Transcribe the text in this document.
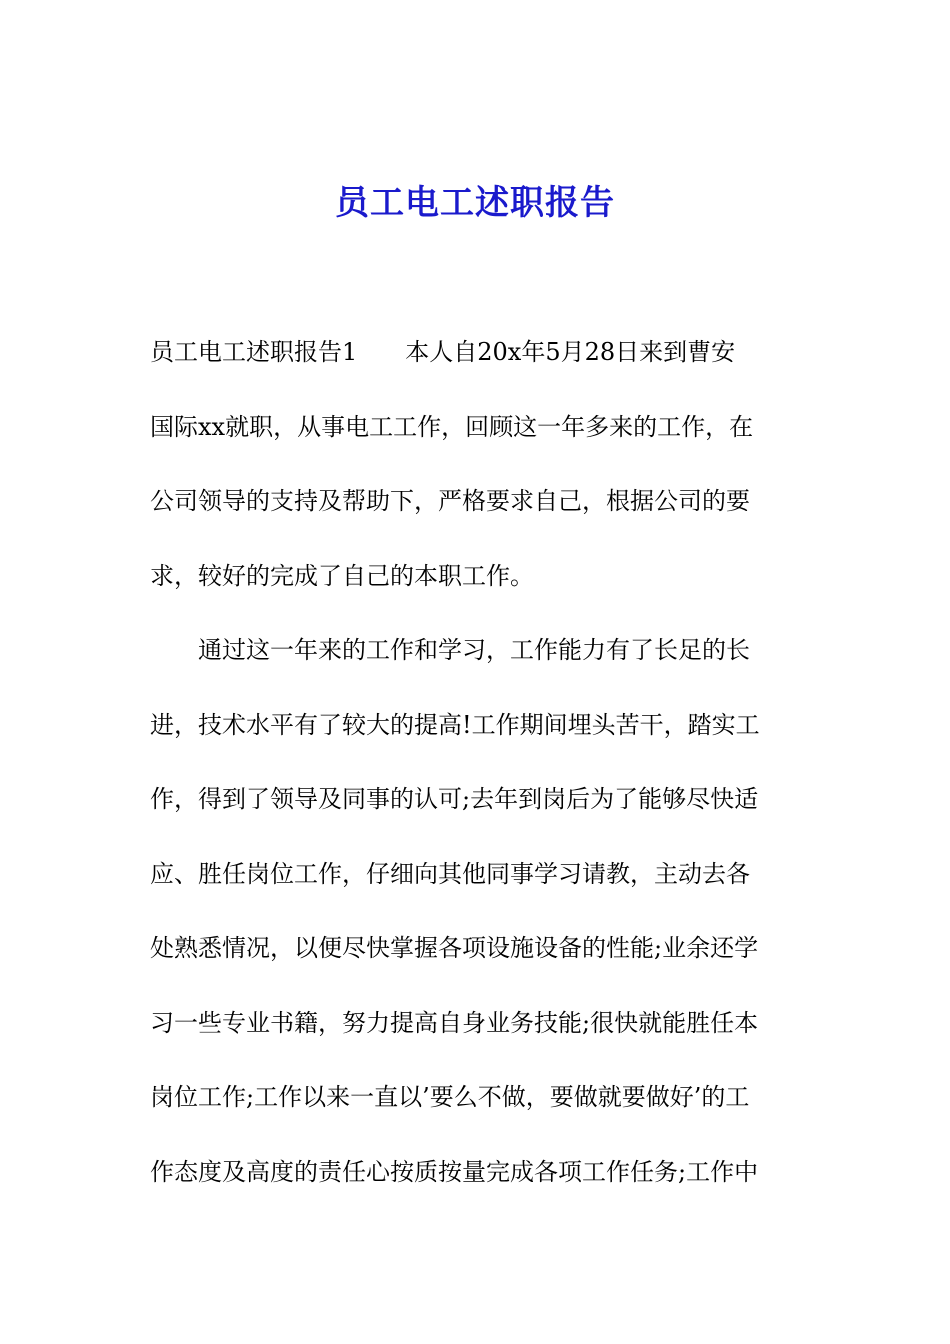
员工电工述职报告
员工电工述职报告1　　本人自20x年5月28日来到曹安
国际xx就职，从事电工工作，回顾这一年多来的工作，在
公司领导的支持及帮助下，严格要求自己，根据公司的要
求，较好的完成了自己的本职工作。
　　通过这一年来的工作和学习，工作能力有了长足的长
进，技术水平有了较大的提高!工作期间埋头苦干，踏实工
作，得到了领导及同事的认可;去年到岗后为了能够尽快适
应、胜任岗位工作，仔细向其他同事学习请教，主动去各
处熟悉情况，以便尽快掌握各项设施设备的性能;业余还学
习一些专业书籍，努力提高自身业务技能;很快就能胜任本
岗位工作;工作以来一直以’要么不做，要做就要做好’的工
作态度及高度的责任心按质按量完成各项工作任务;工作中
